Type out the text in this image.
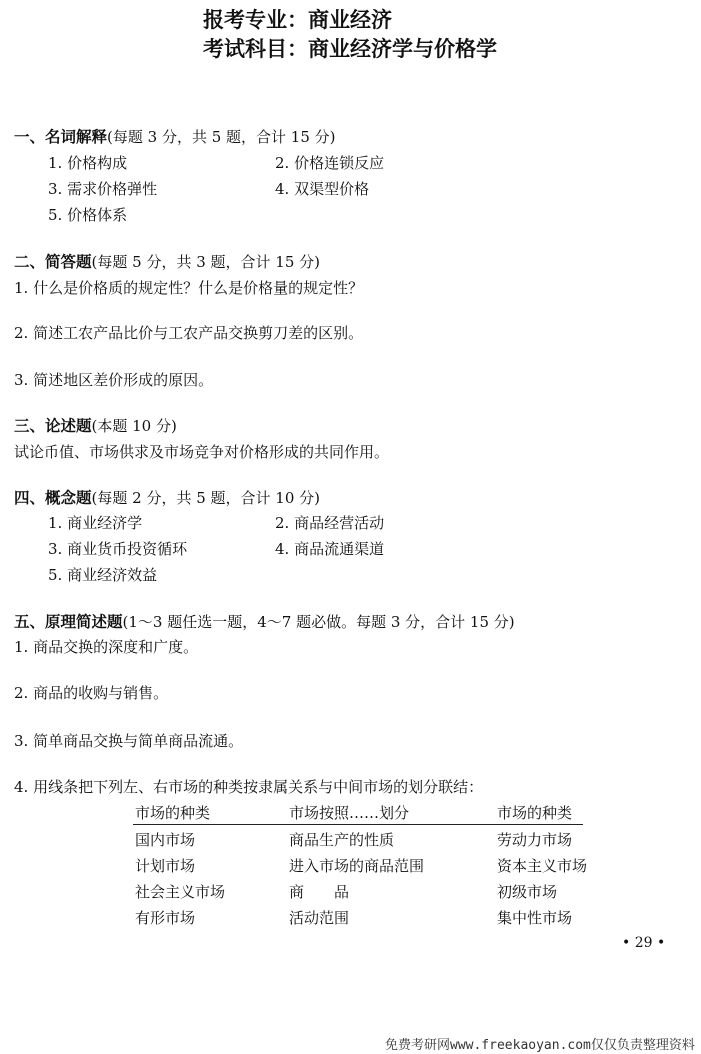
报考专业：商业经济
考试科目：商业经济学与价格学
一、名词解释(每题 3 分，共 5 题，合计 15 分)
1. 价格构成	2. 价格连锁反应
3. 需求价格弹性	4. 双渠型价格
5. 价格体系
二、简答题(每题 5 分，共 3 题，合计 15 分)
1. 什么是价格质的规定性？什么是价格量的规定性？
2. 简述工农产品比价与工农产品交换剪刀差的区别。
3. 简述地区差价形成的原因。
三、论述题(本题 10 分)
试论币值、市场供求及市场竞争对价格形成的共同作用。
四、概念题(每题 2 分，共 5 题，合计 10 分)
1. 商业经济学	2. 商品经营活动
3. 商业货币投资循环	4. 商品流通渠道
5. 商业经济效益
五、原理简述题(1～3 题任选一题，4～7 题必做。每题 3 分，合计 15 分)
1. 商品交换的深度和广度。
2. 商品的收购与销售。
3. 简单商品交换与简单商品流通。
4. 用线条把下列左、右市场的种类按隶属关系与中间市场的划分联结：
市场的种类	市场按照……划分	市场的种类
国内市场	商品生产的性质	劳动力市场
计划市场	进入市场的商品范围	资本主义市场
社会主义市场	商　　品	初级市场
有形市场	活动范围	集中性市场
• 29 •
免费考研网www.freekaoyan.com仅仅负责整理资料
